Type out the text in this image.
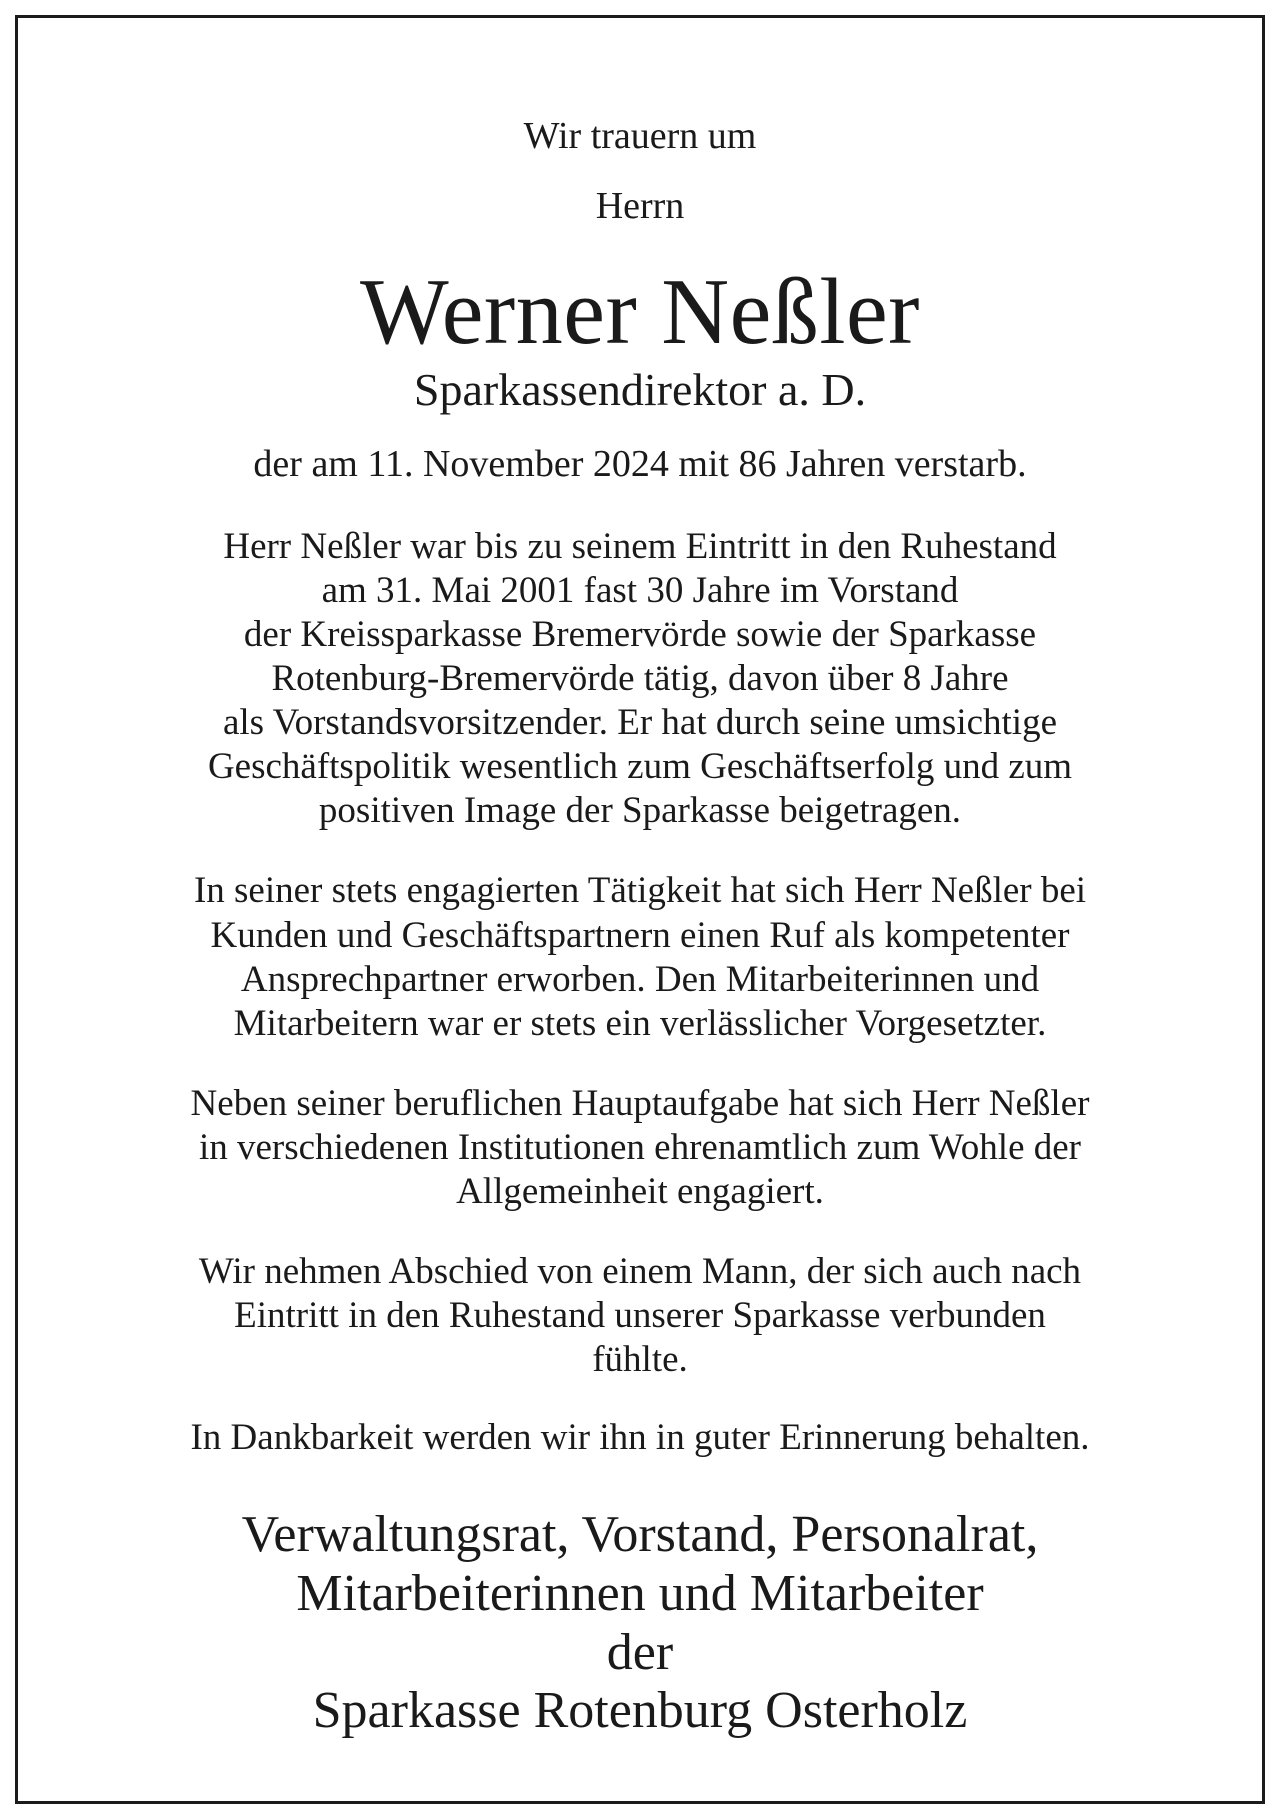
Wir trauern um
Herrn
Werner Neßler
Sparkassendirektor a. D.
der am 11. November 2024 mit 86 Jahren verstarb.
Herr Neßler war bis zu seinem Eintritt in den Ruhestand
am 31. Mai 2001 fast 30 Jahre im Vorstand
der Kreissparkasse Bremervörde sowie der Sparkasse
Rotenburg-Bremervörde tätig, davon über 8 Jahre
als Vorstandsvorsitzender. Er hat durch seine umsichtige
Geschäftspolitik wesentlich zum Geschäftserfolg und zum
positiven Image der Sparkasse beigetragen.
In seiner stets engagierten Tätigkeit hat sich Herr Neßler bei
Kunden und Geschäftspartnern einen Ruf als kompetenter
Ansprechpartner erworben. Den Mitarbeiterinnen und
Mitarbeitern war er stets ein verlässlicher Vorgesetzter.
Neben seiner beruflichen Hauptaufgabe hat sich Herr Neßler
in verschiedenen Institutionen ehrenamtlich zum Wohle der
Allgemeinheit engagiert.
Wir nehmen Abschied von einem Mann, der sich auch nach
Eintritt in den Ruhestand unserer Sparkasse verbunden
fühlte.
In Dankbarkeit werden wir ihn in guter Erinnerung behalten.
Verwaltungsrat, Vorstand, Personalrat,
Mitarbeiterinnen und Mitarbeiter
der
Sparkasse Rotenburg Osterholz
